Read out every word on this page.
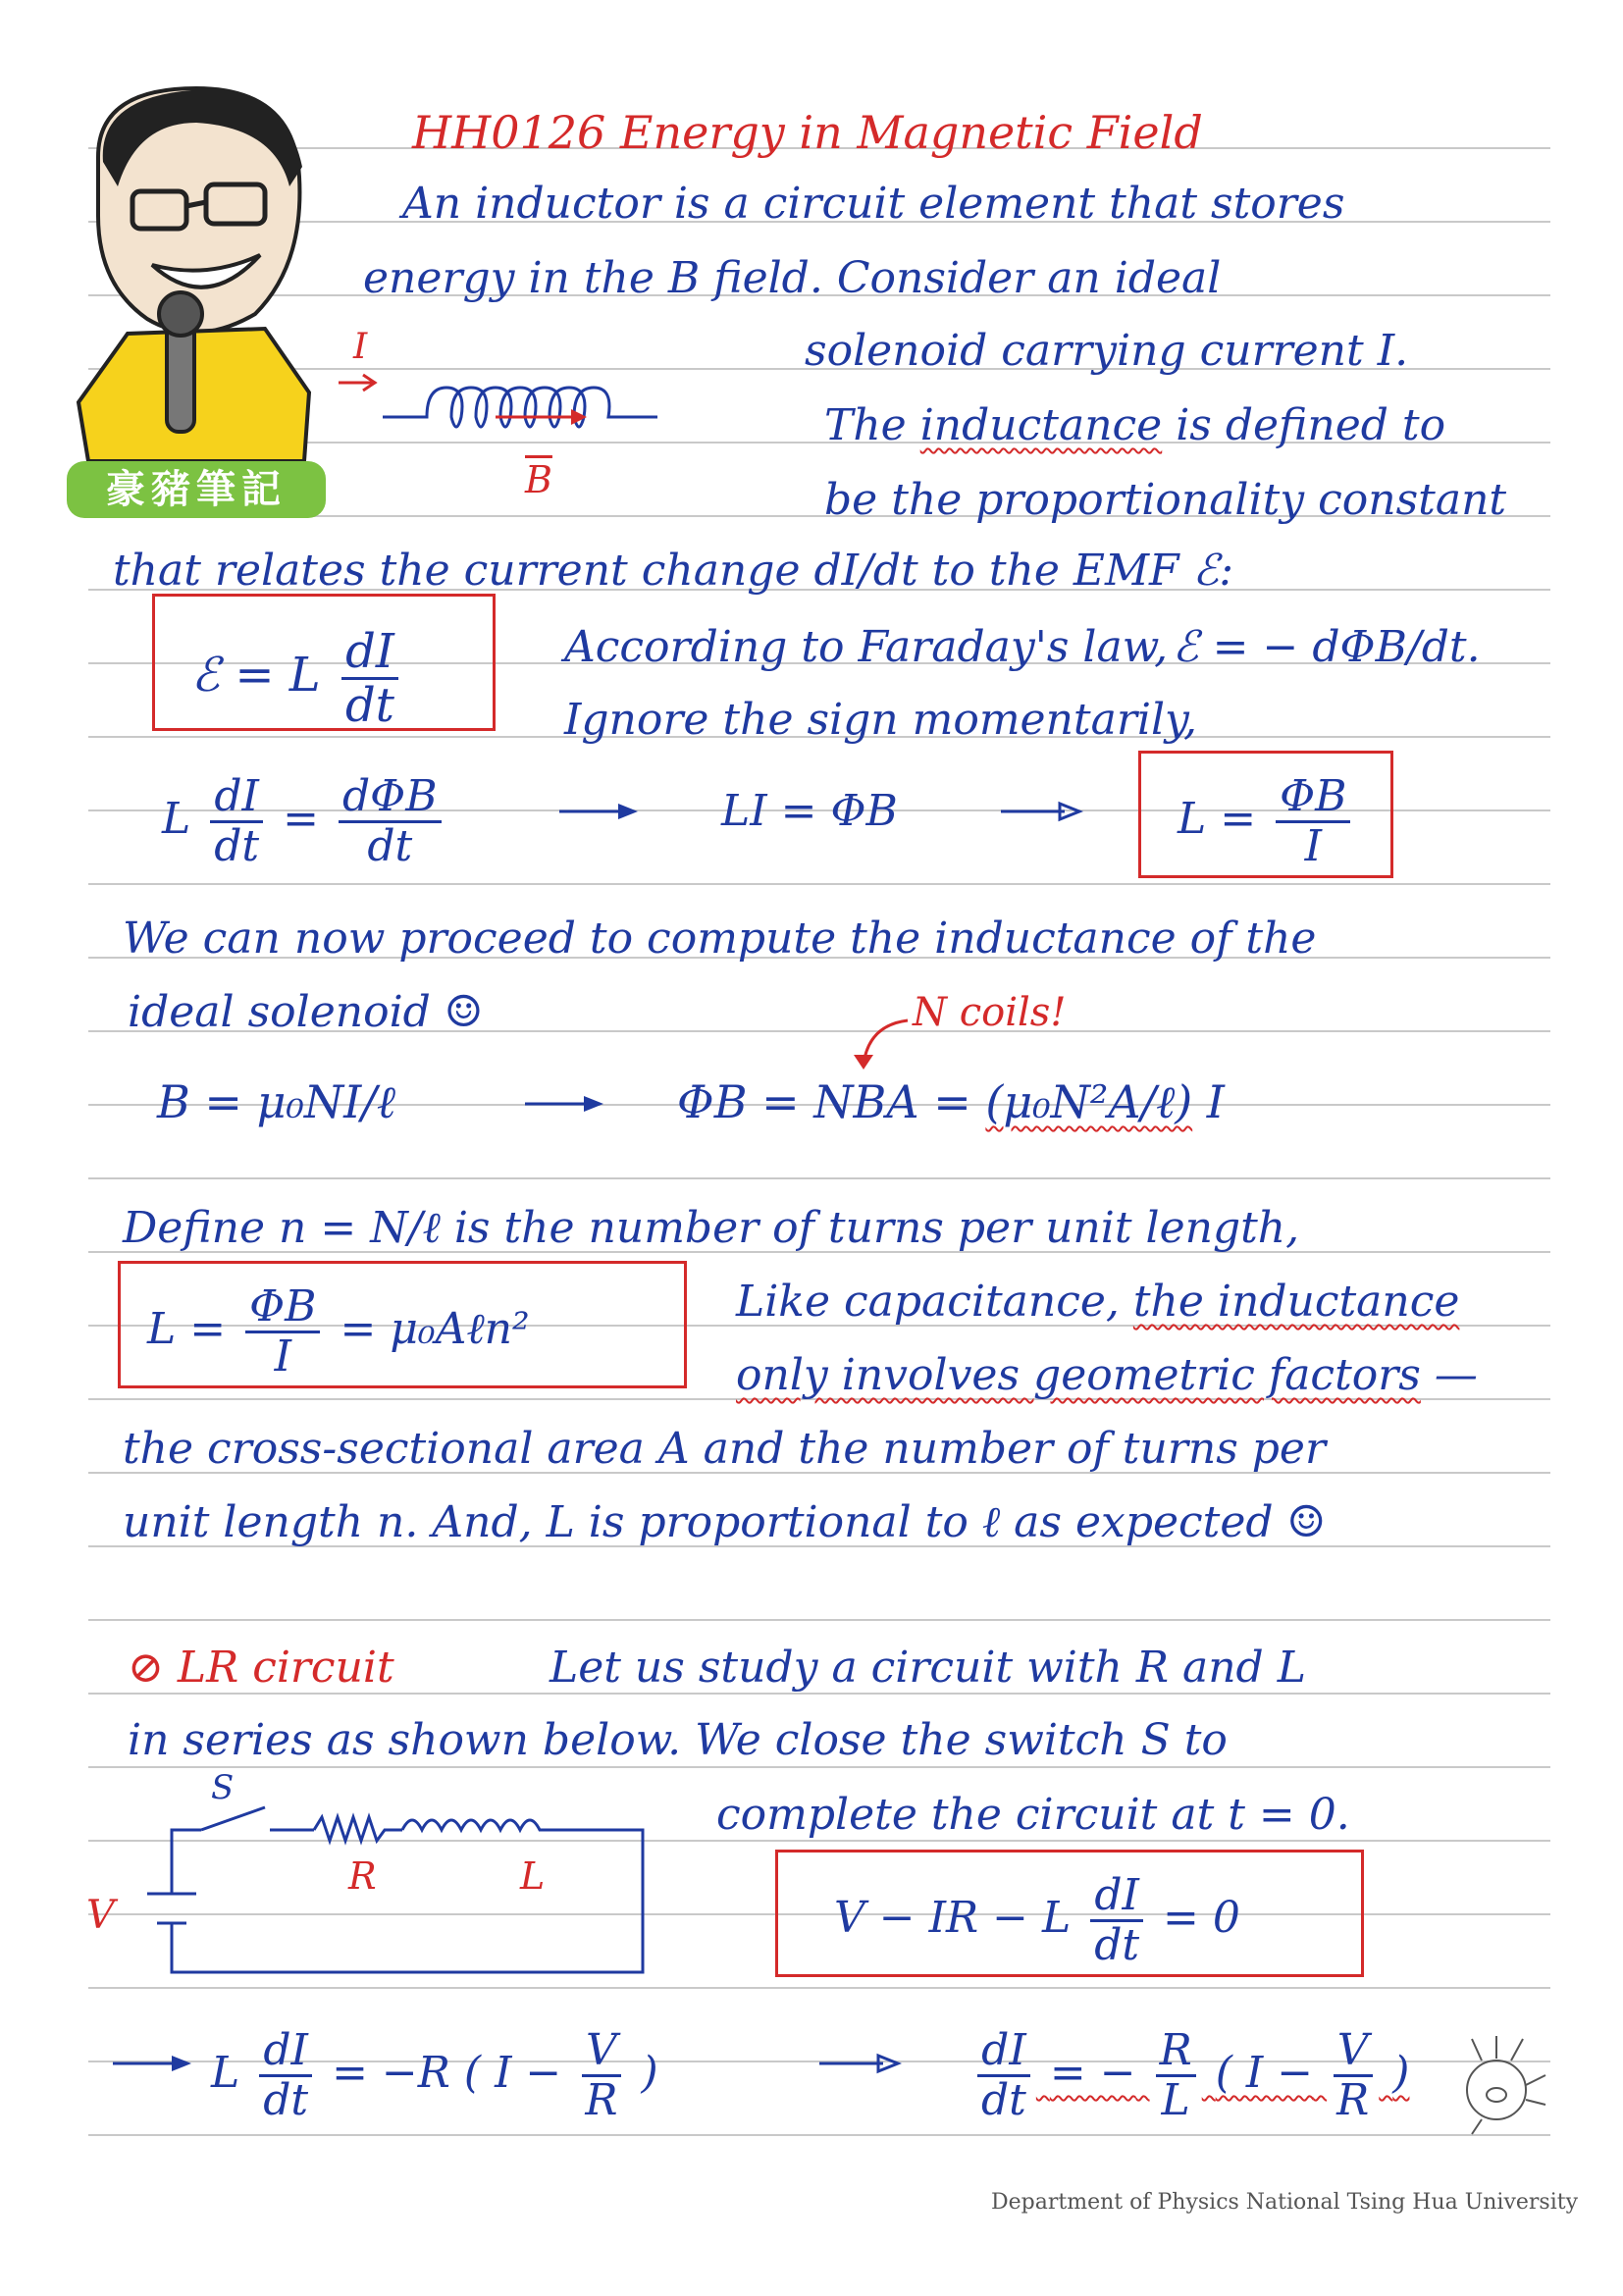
豪豬筆記
HH0126 Energy in Magnetic Field
An inductor is a circuit element that stores
energy in the B field. Consider an ideal
solenoid carrying current I.
The inductance is defined to
be the proportionality constant
that relates the current change dI/dt to the EMF ℰ:
I
$\overline{B}$
ℰ = L $\frac{dI}{dt}$	According to Faraday's law, ℰ = − dΦB/dt.
Ignore the sign momentarily,
L $\frac{dI}{dt} = \frac{\text{dΦB}}{dt}$	LI = ΦB	$L = \frac{\Phi B}{I}$
We can now proceed to compute the inductance of the
ideal solenoid ☺	N coils!
B = μ₀NI/ℓ	ΦB = NBA = (μ₀N²A/ℓ) I
Define n = N/ℓ is the number of turns per unit length,
$L = \frac{\Phi B}{I}$ = μ₀Aℓn²
Like capacitance, the inductance
only involves geometric factors —
the cross-sectional area A and the number of turns per
unit length n. And, L is proportional to ℓ as expected ☺
⊘ LR circuit	Let us study a circuit with R and L
in series as shown below. We close the switch S to
complete the circuit at t = 0.
S
R	L
V	V − IR − L $\frac{dI}{dt} = 0$
L $\frac{dI}{dt} = -R$ ( $I - \frac{V}{R}$ )	$\frac{dI}{dt}$ = − $\frac{R}{L}$ ( $I - \frac{V}{R}$ )
Department of Physics National Tsing Hua University
